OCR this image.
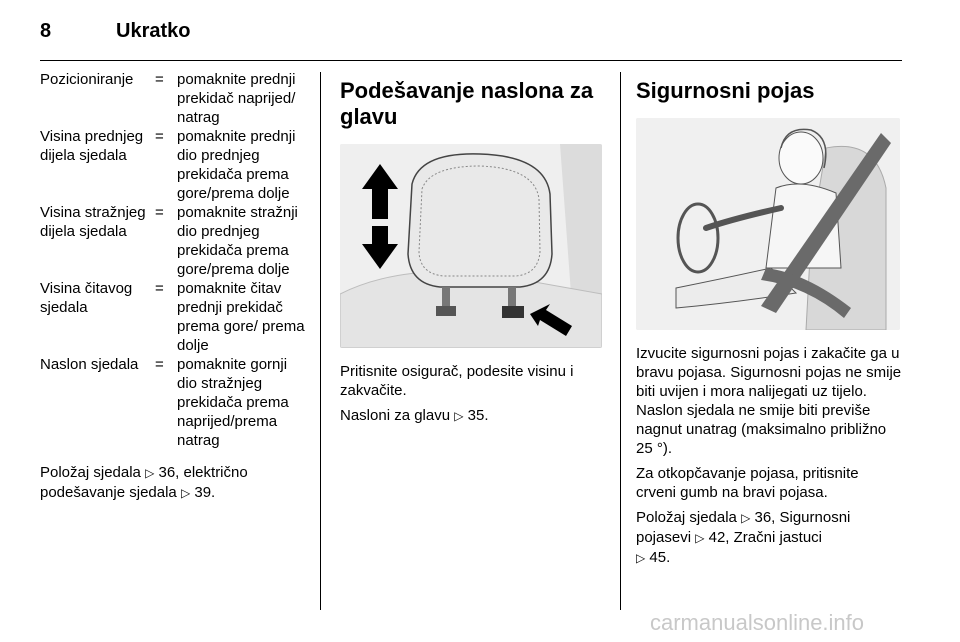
8	Ukratko
Pozicioniranje	= pomaknite prednji prekidač naprijed/ natrag
Visina prednjeg dijela sjedala
= pomaknite prednji dio prednjeg prekidača prema gore/prema dolje
Visina stražnjeg dijela sjedala
= pomaknite stražnji dio prednjeg prekidača prema gore/prema dolje
Visina čitavog sjedala
= pomaknite čitav prednji prekidač prema gore/ prema dolje
Naslon sjedala	= pomaknite gornji dio stražnjeg prekidača prema naprijed/prema natrag

Položaj sjedala ▷ 36, električno
podešavanje sjedala ▷ 39.

Podešavanje naslona za glavu

Pritisnite osigurač, podesite visinu i zakvačite.

Nasloni za glavu ▷ 35.

Sigurnosni pojas

Izvucite sigurnosni pojas i zakačite ga u bravu pojasa. Sigurnosni pojas ne smije biti uvijen i mora nalijegati uz tijelo. Naslon sjedala ne smije biti previše nagnut unatrag (maksimalno približno 25 °).

Za otkopčavanje pojasa, pritisnite crveni gumb na bravi pojasa.

Položaj sjedala ▷ 36, Sigurnosni pojasevi ▷ 42, Zračni jastuci
▷ 45.

carmanualsonline.info
